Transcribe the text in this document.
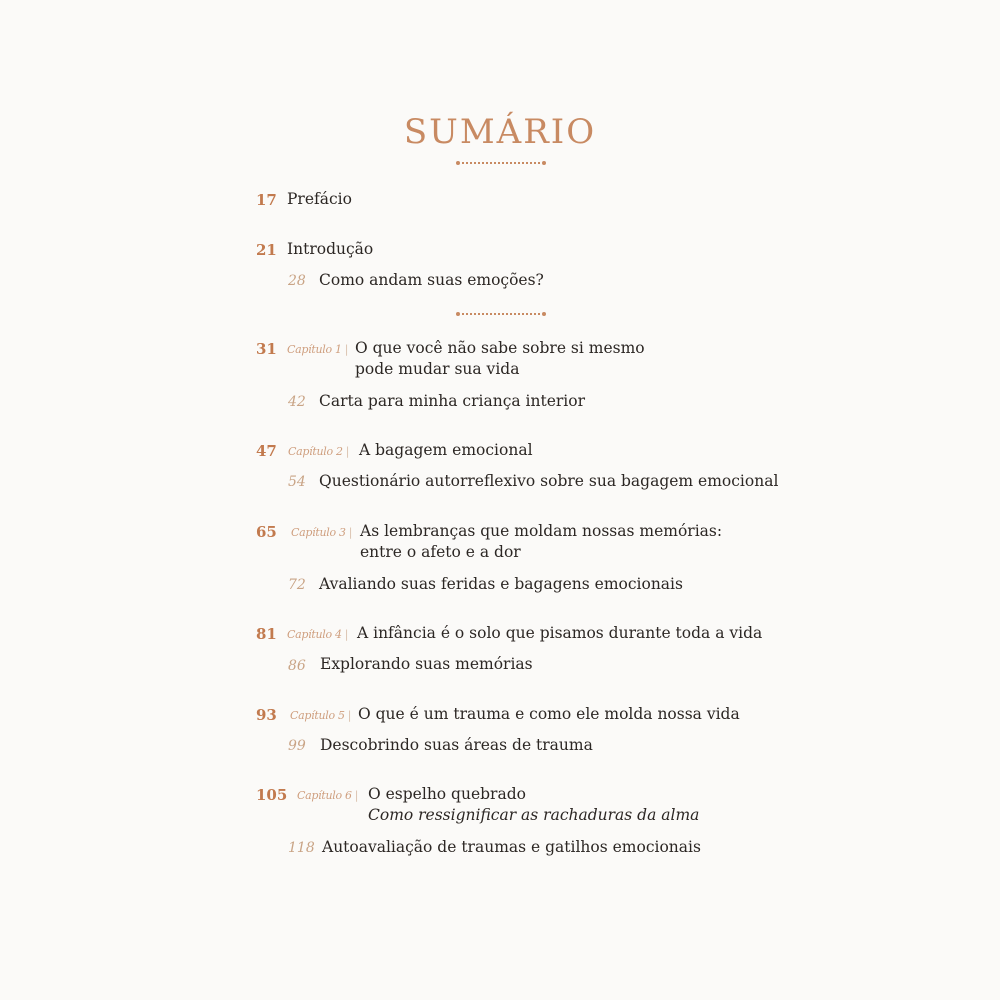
SUMÁRIO
17 Prefácio
21 Introdução
28 Como andam suas emoções?
31 Capítulo 1 | O que você não sabe sobre si mesmo
pode mudar sua vida
42 Carta para minha criança interior
47 Capítulo 2 | A bagagem emocional
54 Questionário autorreflexivo sobre sua bagagem emocional
65 Capítulo 3 | As lembranças que moldam nossas memórias:
entre o afeto e a dor
72 Avaliando suas feridas e bagagens emocionais
81 Capítulo 4 | A infância é o solo que pisamos durante toda a vida
86 Explorando suas memórias
93 Capítulo 5 | O que é um trauma e como ele molda nossa vida
99 Descobrindo suas áreas de trauma
105 Capítulo 6 | O espelho quebrado
Como ressignificar as rachaduras da alma
118 Autoavaliação de traumas e gatilhos emocionais
